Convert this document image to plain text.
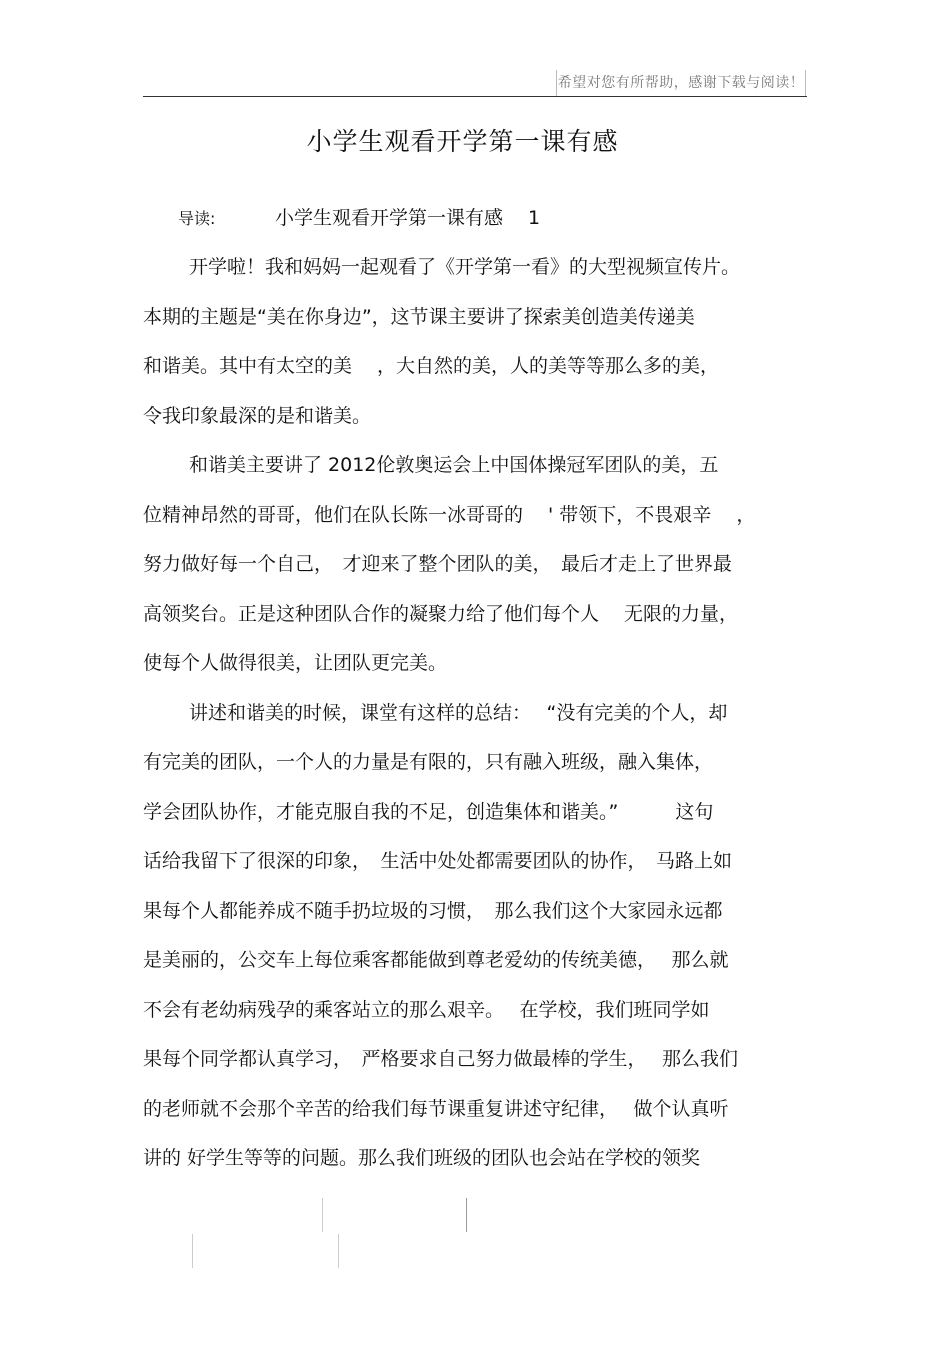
希望对您有所帮助，感谢下载与阅读！
小学生观看开学第一课有感
导读:	小学生观看开学第一课有感　 1
开学啦！我和妈妈一起观看了《开学第一看》的大型视频宣传片。
本期的主题是“美在你身边”，这节课主要讲了探索美创造美传递美
和谐美。其中有太空的美　 ，大自然的美，人的美等等那么多的美，
令我印象最深的是和谐美。
和谐美主要讲了 2012伦敦奥运会上中国体操冠军团队的美，五
位精神昂然的哥哥，他们在队长陈一冰哥哥的　 ' 带领下，不畏艰辛　 ，
努力做好每一个自己，　才迎来了整个团队的美，　最后才走上了世界最
高领奖台。正是这种团队合作的凝聚力给了他们每个人　 无限的力量，
使每个人做得很美，让团队更完美。
讲述和谐美的时候，课堂有这样的总结：　 “没有完美的个人，却
有完美的团队，一个人的力量是有限的，只有融入班级，融入集体，
学会团队协作，才能克服自我的不足，创造集体和谐美。”　　　这句
话给我留下了很深的印象，　生活中处处都需要团队的协作，　马路上如
果每个人都能养成不随手扔垃圾的习惯，　那么我们这个大家园永远都
是美丽的，公交车上每位乘客都能做到尊老爱幼的传统美德，　 那么就
不会有老幼病残孕的乘客站立的那么艰辛。　 在学校，我们班同学如
果每个同学都认真学习，　严格要求自己努力做最棒的学生，　 那么我们
的老师就不会那个辛苦的给我们每节课重复讲述守纪律，　 做个认真听
讲的 好学生等等的问题。那么我们班级的团队也会站在学校的领奖
